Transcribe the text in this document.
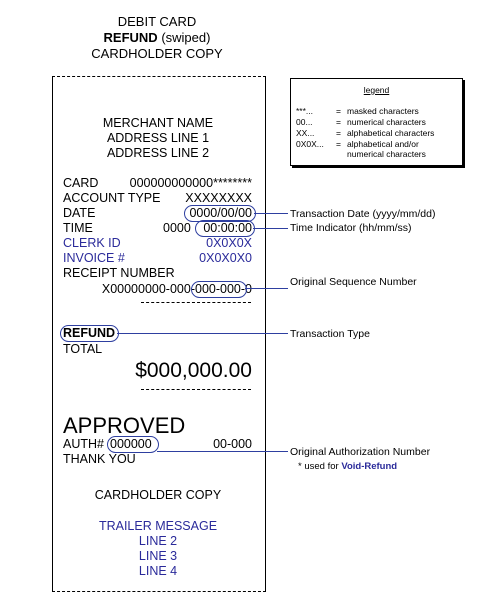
DEBIT CARD
REFUND (swiped)
CARDHOLDER COPY
legend
***...	= masked characters
00...	= numerical characters
XX...	= alphabetical characters
0X0X... = alphabetical and/or
numerical characters
MERCHANT NAME
ADDRESS LINE 1
ADDRESS LINE 2
CARD 000000000000********
ACCOUNT TYPE XXXXXXXX
DATE	0000/00/00
TIME	0000 00:00:00
CLERK ID	0X0X0X
INVOICE #	0X0X0X0
RECEIPT NUMBER
X00000000-000-000-000-0
REFUND
TOTAL
$000,000.00
APPROVED
AUTH# 000000	00-000
THANK YOU
CARDHOLDER COPY
TRAILER MESSAGE
LINE 2
LINE 3
LINE 4
Transaction Date (yyyy/mm/dd)
Time Indicator (hh/mm/ss)
Original Sequence Number
Transaction Type
Original Authorization Number
* used for Void-Refund
